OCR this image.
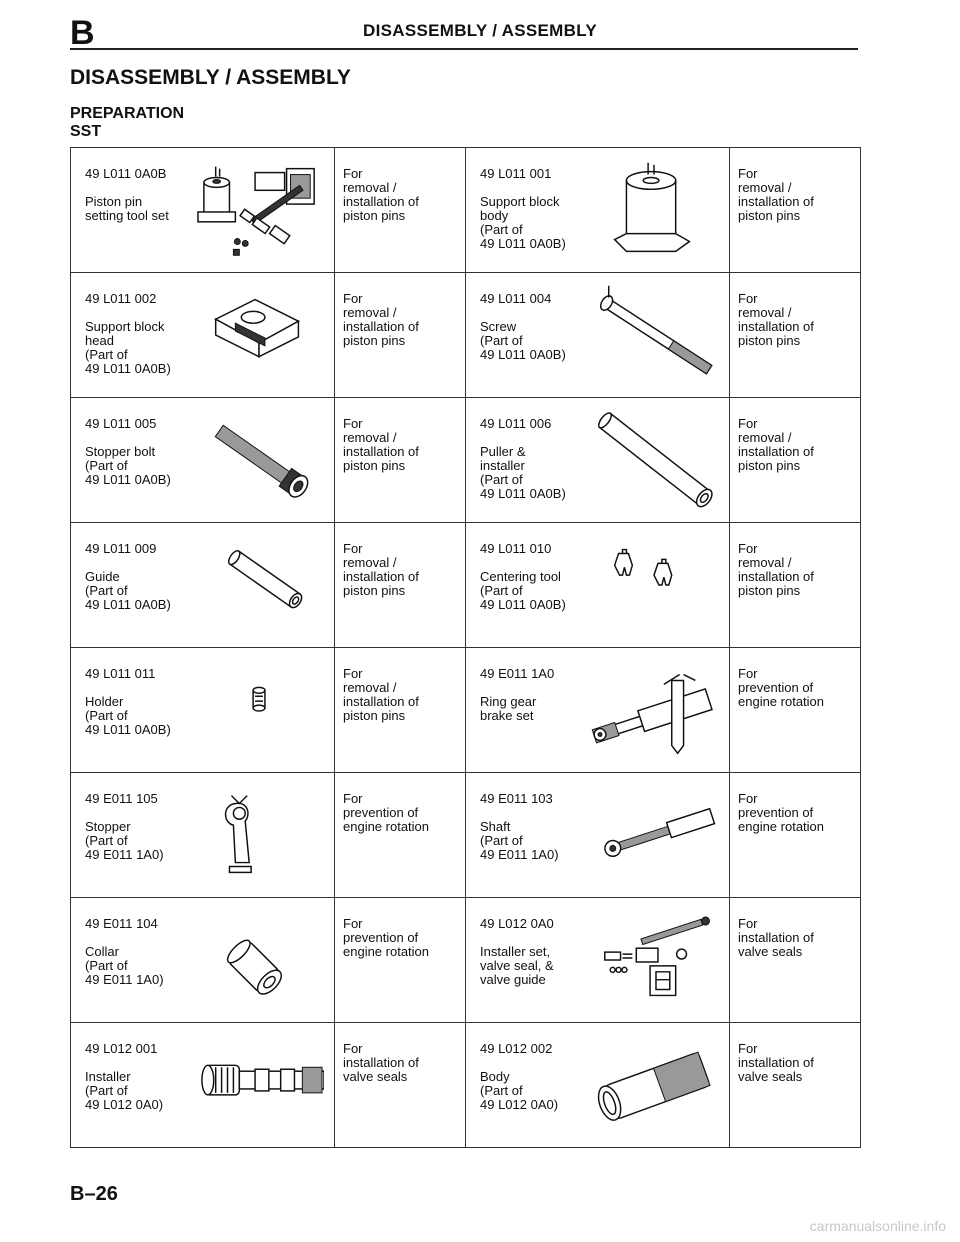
B	DISASSEMBLY / ASSEMBLY
DISASSEMBLY / ASSEMBLY
PREPARATION
SST
49 L011 0A0B
Piston pin
setting tool set	For
removal /
installation of
piston pins	49 L011 001
Support block
body
(Part of
49 L011 0A0B)	For
removal /
installation of
piston pins

49 L011 002
Support block
head
(Part of
49 L011 0A0B)	For
removal /
installation of
piston pins	49 L011 004
Screw
(Part of
49 L011 0A0B)	For
removal /
installation of
piston pins

49 L011 005
Stopper bolt
(Part of
49 L011 0A0B)	For
removal /
installation of
piston pins	49 L011 006
Puller &
installer
(Part of
49 L011 0A0B)	For
removal /
installation of
piston pins

49 L011 009
Guide
(Part of
49 L011 0A0B)	For
removal /
installation of
piston pins	49 L011 010
Centering tool
(Part of
49 L011 0A0B)	For
removal /
installation of
piston pins

49 L011 011
Holder
(Part of
49 L011 0A0B)	For
removal /
installation of
piston pins	49 E011 1A0
Ring gear
brake set	For
prevention of
engine rotation

49 E011 105
Stopper
(Part of
49 E011 1A0)	For
prevention of
engine rotation	49 E011 103
Shaft
(Part of
49 E011 1A0)	For
prevention of
engine rotation

49 E011 104
Collar
(Part of
49 E011 1A0)	For
prevention of
engine rotation	49 L012 0A0
Installer set,
valve seal, &
valve guide	For
installation of
valve seals

49 L012 001
Installer
(Part of
49 L012 0A0)	For
installation of
valve seals	49 L012 002
Body
(Part of
49 L012 0A0)	For
installation of
valve seals
B–26
carmanualsonline.info
